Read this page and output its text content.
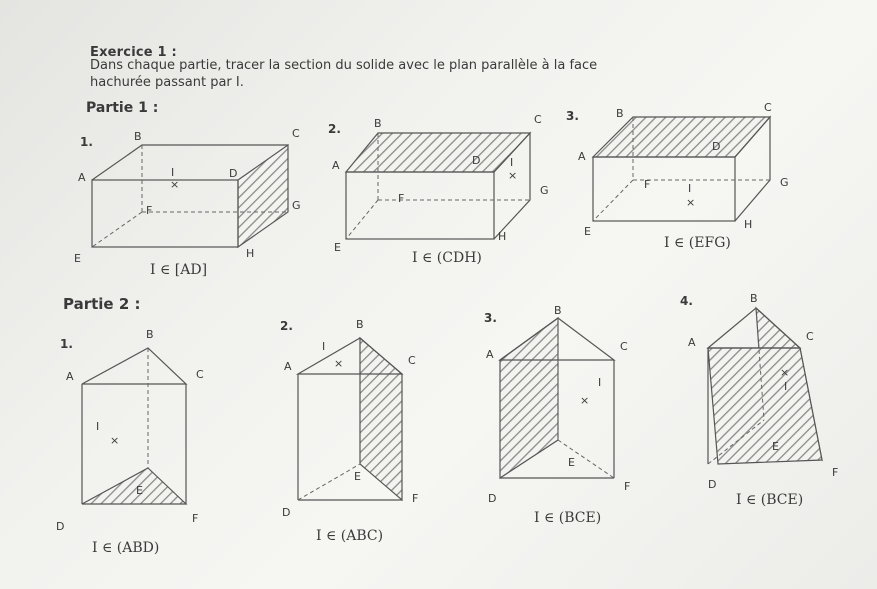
Exercice 1 :
Dans chaque partie, tracer la section du solide avec le plan parallèle à la face
hachurée passant par I.
Partie 1 :
Partie 2 :
1.	B	C
A	D
F	G
E	H
I
×
I ∈ [AD]
2.	B	C
A	D
F
G
E
H
I
×
I ∈ (CDH)
3.	B	C
A
D
F	G
E
H
I
×
I ∈ (EFG)
1.
B
A	C
E
D
F
I
×
I ∈ (ABD)
2.	B
A	C
E
D
F
I
×
I ∈ (ABC)
3.
B
A
C
E
D
F
I
×
I ∈ (BCE)
4.	B
A	C
E
D
F
I
×
I ∈ (BCE)
